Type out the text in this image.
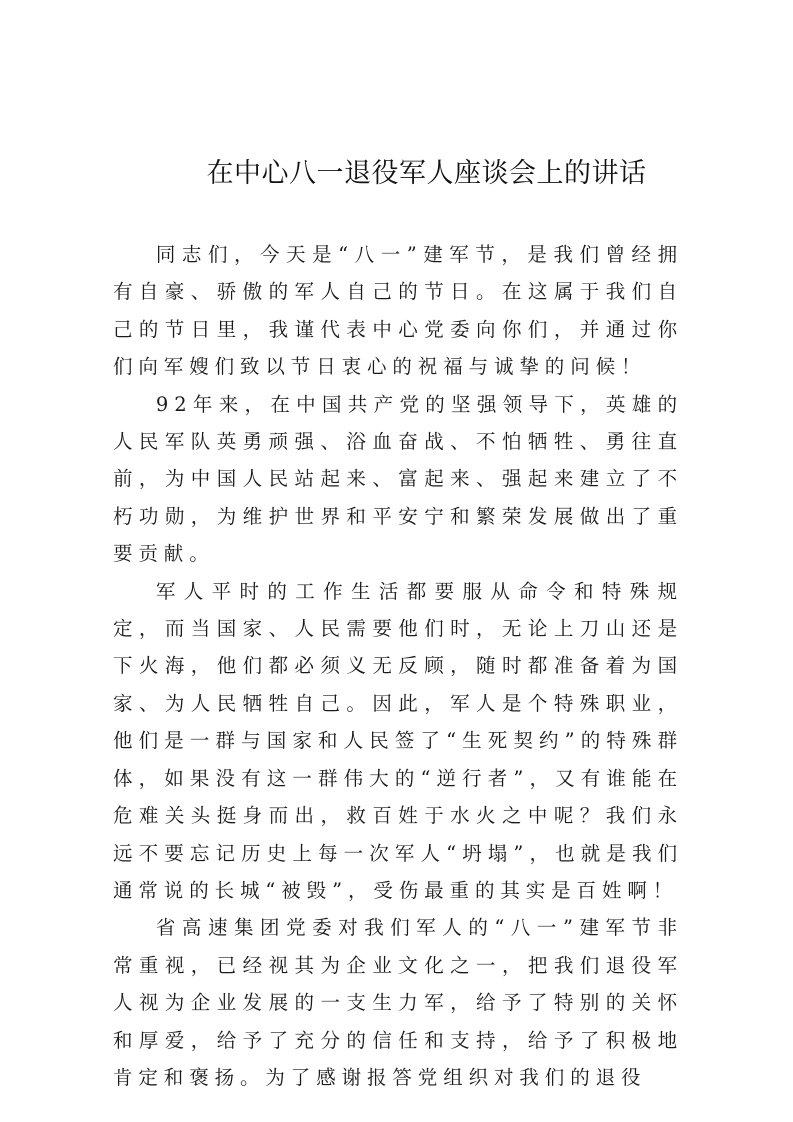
在中心八一退役军人座谈会上的讲话

同志们，今天是“八一”建军节，是我们曾经拥有自豪、骄傲的军人自己的节日。在这属于我们自己的节日里，我谨代表中心党委向你们，并通过你们向军嫂们致以节日衷心的祝福与诚挚的问候！

92年来，在中国共产党的坚强领导下，英雄的人民军队英勇顽强、浴血奋战、不怕牺牲、勇往直前，为中国人民站起来、富起来、强起来建立了不朽功勋，为维护世界和平安宁和繁荣发展做出了重要贡献。

军人平时的工作生活都要服从命令和特殊规定，而当国家、人民需要他们时，无论上刀山还是下火海，他们都必须义无反顾，随时都准备着为国家、为人民牺牲自己。因此，军人是个特殊职业，他们是一群与国家和人民签了“生死契约”的特殊群体，如果没有这一群伟大的“逆行者”，又有谁能在危难关头挺身而出，救百姓于水火之中呢？我们永远不要忘记历史上每一次军人“坍塌”，也就是我们通常说的长城“被毁”，受伤最重的其实是百姓啊！

省高速集团党委对我们军人的“八一”建军节非常重视，已经视其为企业文化之一，把我们退役军人视为企业发展的一支生力军，给予了特别的关怀和厚爱，给予了充分的信任和支持，给予了积极地肯定和褒扬。为了感谢报答党组织对我们的退役
